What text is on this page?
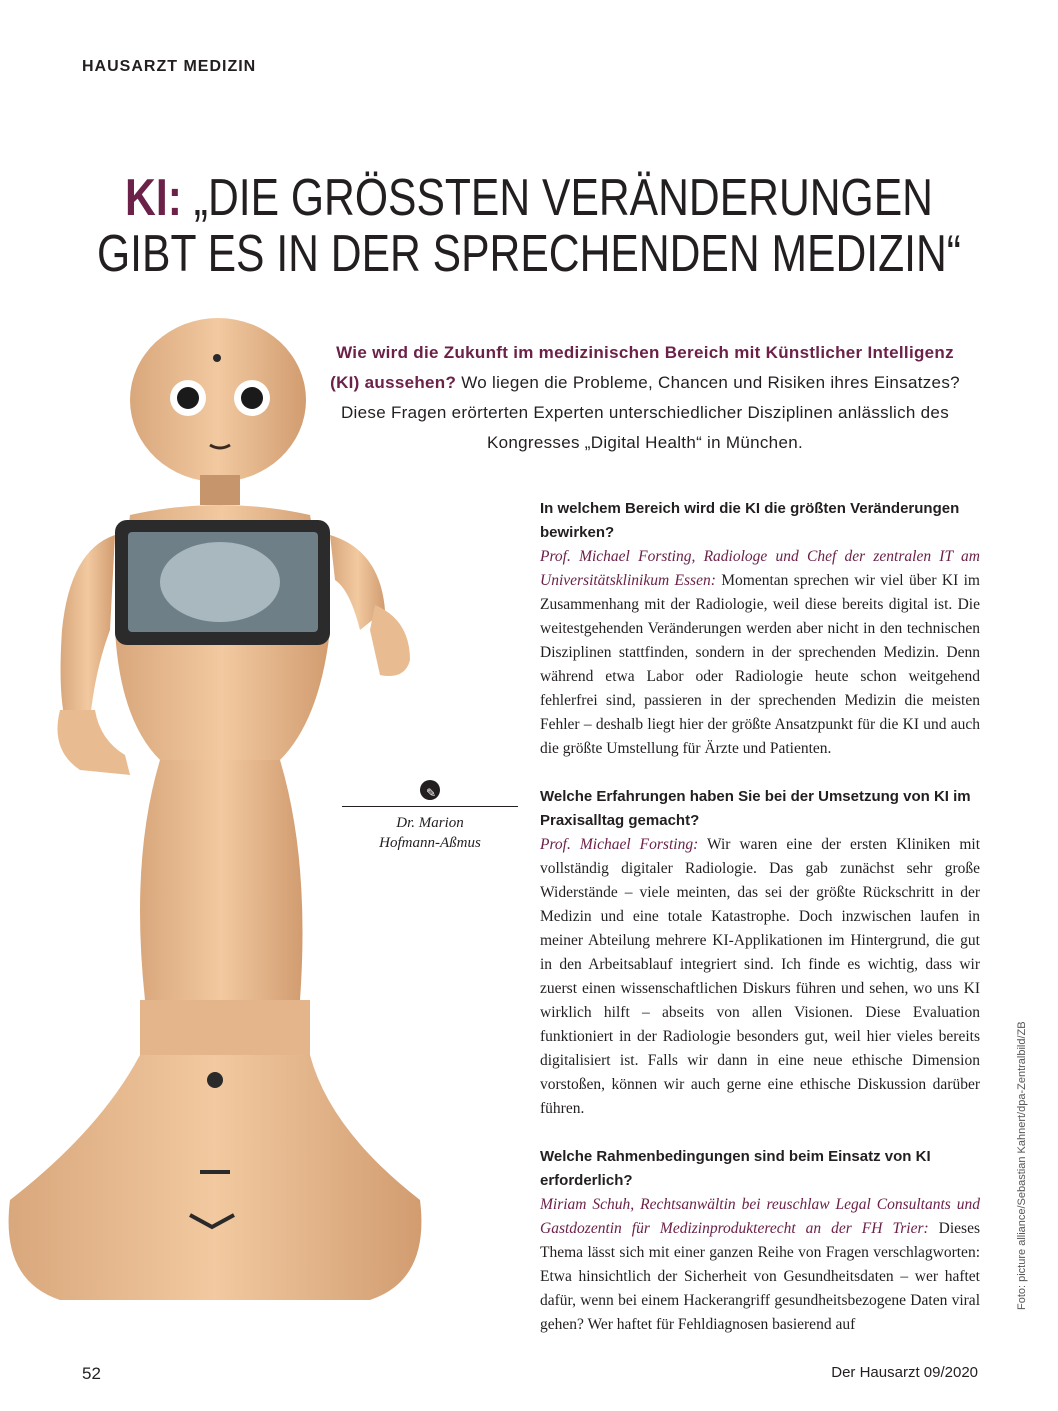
HAUSARZT MEDIZIN
KI: „DIE GRÖSSTEN VERÄNDERUNGEN
GIBT ES IN DER SPRECHENDEN MEDIZIN“
Wie wird die Zukunft im medizinischen Bereich mit Künstlicher Intelligenz (KI) aussehen? Wo liegen die Probleme, Chancen und Risiken ihres Einsatzes? Diese Fragen erörterten Experten unterschiedlicher Disziplinen anlässlich des Kongresses „Digital Health“ in München.
✎
Dr. Marion
Hofmann-Aßmus

In welchem Bereich wird die KI die größten Veränderungen bewirken?

Prof. Michael Forsting, Radiologe und Chef der zentralen IT am Universitätsklinikum Essen: Momentan sprechen wir viel über KI im Zusammenhang mit der Radiologie, weil diese bereits digital ist. Die weitestgehenden Veränderungen werden aber nicht in den technischen Disziplinen stattfinden, sondern in der sprechenden Medizin. Denn während etwa Labor oder Radiologie heute schon weitgehend fehlerfrei sind, passieren in der sprechenden Medizin die meisten Fehler – deshalb liegt hier der größte Ansatzpunkt für die KI und auch die größte Umstellung für Ärzte und Patienten.

Welche Erfahrungen haben Sie bei der Umsetzung von KI im Praxisalltag gemacht?

Prof. Michael Forsting: Wir waren eine der ersten Kliniken mit vollständig digitaler Radiologie. Das gab zunächst sehr große Widerstände – viele meinten, das sei der größte Rückschritt in der Medizin und eine totale Katastrophe. Doch inzwischen laufen in meiner Abteilung mehrere KI-Applikationen im Hintergrund, die gut in den Arbeitsablauf integriert sind. Ich finde es wichtig, dass wir zuerst einen wissenschaftlichen Diskurs führen und sehen, wo uns KI wirklich hilft – abseits von allen Visionen. Diese Evaluation funktioniert in der Radiologie besonders gut, weil hier vieles bereits digitalisiert ist. Falls wir dann in eine neue ethische Dimension vorstoßen, können wir auch gerne eine ethische Diskussion darüber führen.

Welche Rahmenbedingungen sind beim Einsatz von KI erforderlich?

Miriam Schuh, Rechtsanwältin bei reuschlaw Legal Consultants und Gastdozentin für Medizinprodukterecht an der FH Trier: Dieses Thema lässt sich mit einer ganzen Reihe von Fragen verschlagworten: Etwa hinsichtlich der Sicherheit von Gesundheitsdaten – wer haftet dafür, wenn bei einem Hackerangriff gesundheitsbezogene Daten viral gehen? Wer haftet für Fehldiagnosen basierend auf

Foto: picture alliance/Sebastian Kahnert/dpa-Zentralbild/ZB
52	Der Hausarzt 09/2020
